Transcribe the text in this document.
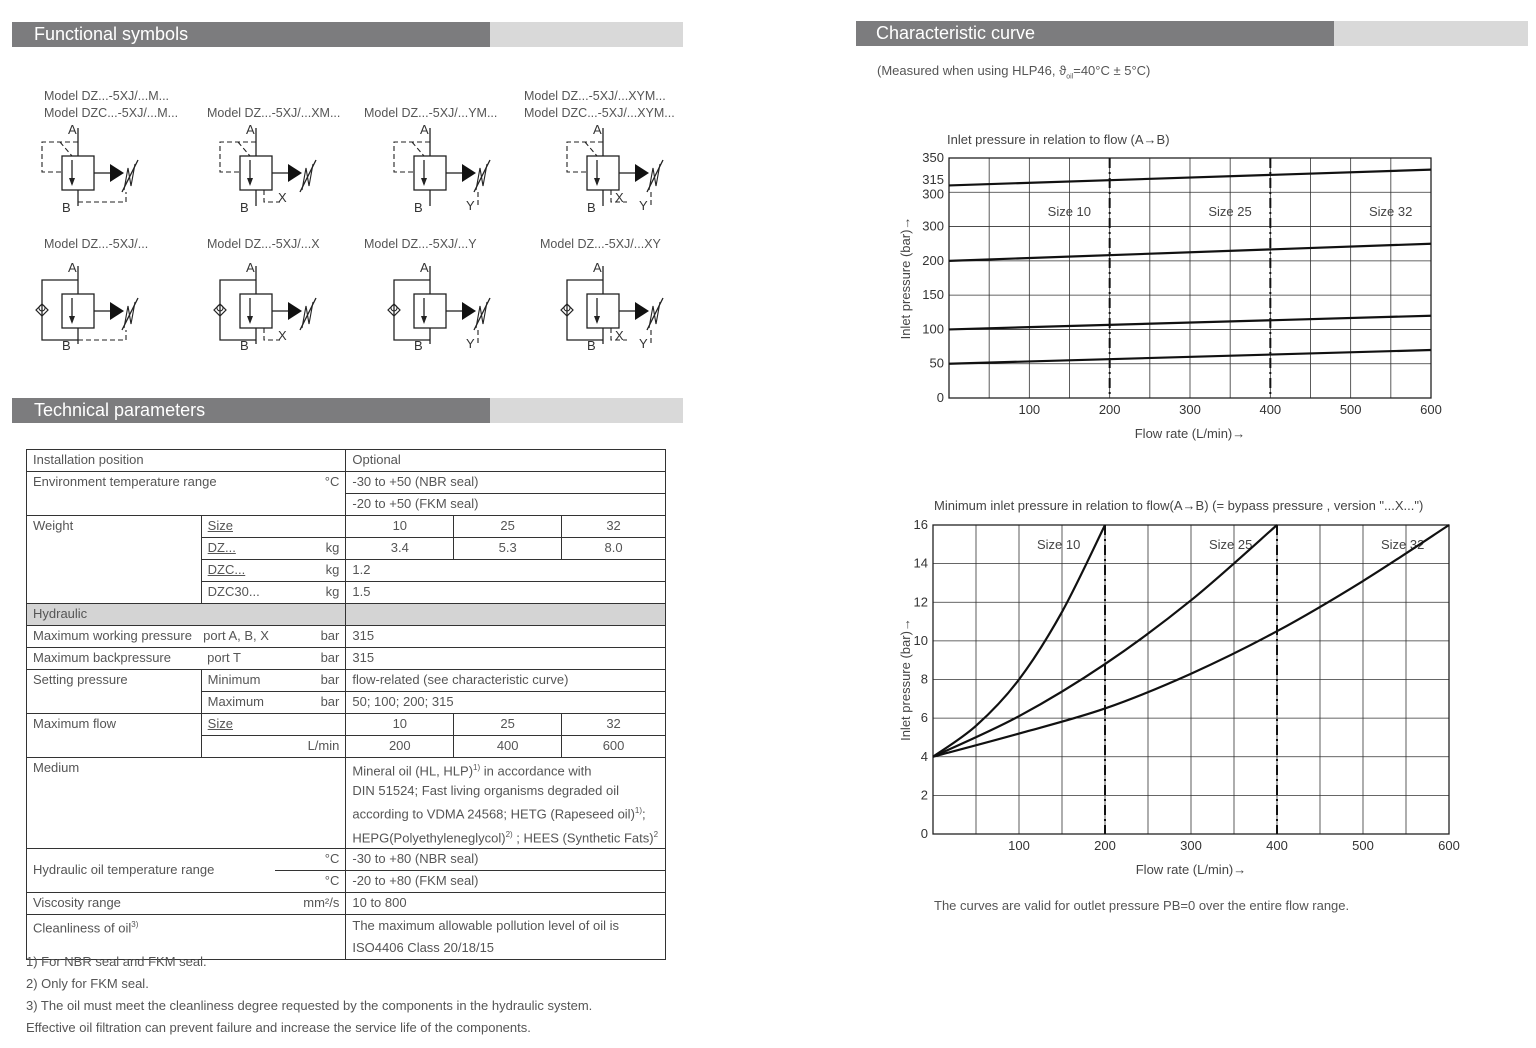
Functional symbols
Technical parameters
Characteristic curve
Model DZ...-5XJ/...M...
Model DZC...-5XJ/...M... Model DZ...-5XJ/...XM... Model DZ...-5XJ/...YM...
Model DZ...-5XJ/...XYM...
Model DZC...-5XJ/...XYM...
Model DZ...-5XJ/...	Model DZ...-5XJ/...X	Model DZ...-5XJ/...Y	Model DZ...-5XJ/...XY
A
B
A
B
X
A
B	Y
A
B
X
Y
A
B
A
B
X
A
B	Y
A
B
X
Y
Installation position			Optional		
Environment temperature range		°C	-30 to +50 (NBR seal)		
			-20 to +50 (FKM seal)		
Weight	Size		10	25	32
	DZ...	kg	3.4	5.3	8.0
	DZC...	kg	1.2		
	DZC30...	kg	1.5		
Hydraulic					
Maximum working pressure	port A, B, X	bar	315		
Maximum backpressure	port T	bar	315		
Setting pressure	Minimum	bar	flow-related (see characteristic curve)		
	Maximum	bar	50; 100; 200; 315		
Maximum flow	Size		10	25	32
	L/min		200	400	600
Medium			Mineral oil (HL, HLP)$^{1)}$ in accordance with
DIN 51524; Fast living organisms degraded oil
according to VDMA 24568; HETG (Rapeseed oil)$^{1)}$;
HEPG(Polyethyleneglycol)$^{2)}$ ; HEES (Synthetic Fats)$^2$

Hydraulic oil temperature range		°C	-30 to +80 (NBR seal)		
		°C	-20 to +80 (FKM seal)		
Viscosity range		mm²/s	10 to 800		
Cleanliness of oil$^{3)}$			The maximum allowable pollution level of oil is
ISO4406 Class 20/18/15		
1) For NBR seal and FKM seal.
2) Only for FKM seal.
3) The oil must meet the cleanliness degree requested by the components in the hydraulic system.
Effective oil filtration can prevent failure and increase the service life of the components.
(Measured when using HLP46, $ϑ_{oil}=40^\circ C \pm 5^\circ C$)
Inlet pressure in relation to flow (A→B)
Size 10	Size 25	Size 32
100	200	300	400	500	600
0
50
100
150
200
300
300
315
350
Flow rate (L/min)→
Inlet pressure (bar)→
Minimum inlet pressure in relation to flow(A→B) (= bypass pressure , version "...X...")
Size 10	Size 25	Size 32
100	200	300	400	500	600
0
2
4
6
8
10
12
14
16
Flow rate (L/min)→
Inlet pressure (bar)→
The curves are valid for outlet pressure PB=0 over the entire flow range.
